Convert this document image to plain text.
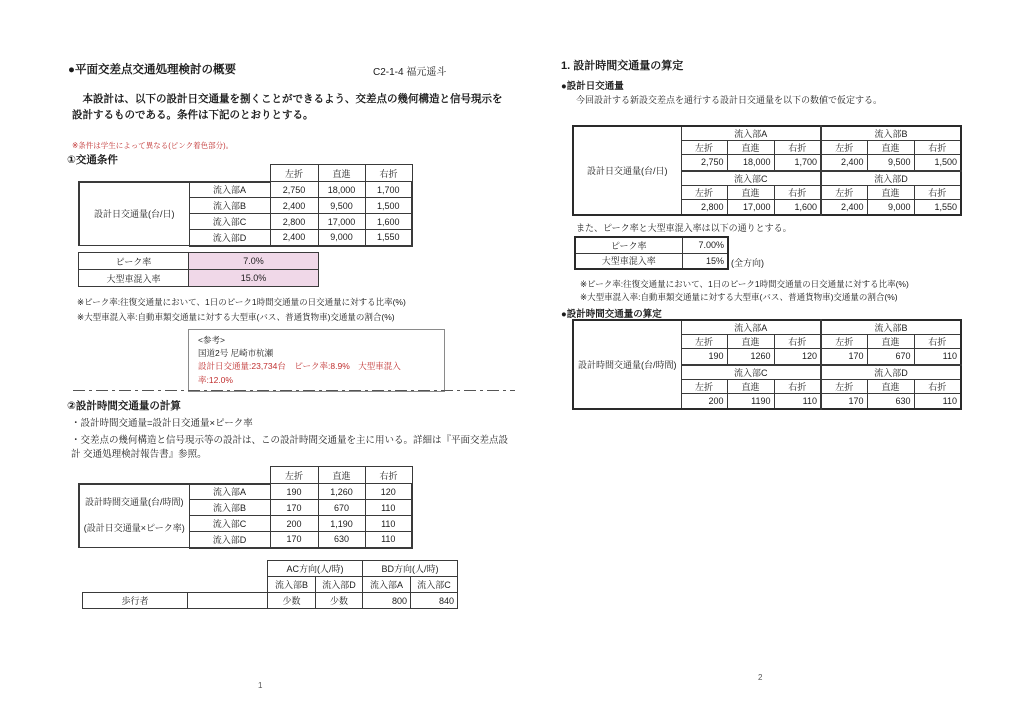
●平面交差点交通処理検討の概要	C2-1-4 福元遥斗
　本設計は、以下の設計日交通量を捌くことができるよう、交差点の幾何構造と信号現示を設計するものである。条件は下記のとおりとする。
※条件は学生によって異なる(ピンク着色部分)。
①交通条件
		左折	直進	右折
設計日交通量(台/日)	流入部A	2,750	18,000	1,700
	流入部B	2,400	9,500	1,500
	流入部C	2,800	17,000	1,600
	流入部D	2,400	9,000	1,550
ピーク率	7.0%
大型車混入率	15.0%
※ピーク率:往復交通量において、1日のピーク1時間交通量の日交通量に対する比率(%)
※大型車混入率:自動車類交通量に対する大型車(バス、普通貨物車)交通量の割合(%)
<参考>
国道2号 尼崎市杭瀬
設計日交通量:23,734台　ピーク率:8.9%　大型車混入率:12.0%
②設計時間交通量の計算
・設計時間交通量=設計日交通量×ピーク率
・交差点の幾何構造と信号現示等の設計は、この設計時間交通量を主に用いる。詳細は『平面交差点設計 交通処理検討報告書』参照。
		左折	直進	右折

設計時間交通量(台/時間)
(設計日交通量×ピーク率)	流入部A	190	1,260	120
	流入部B	170	670	110
	流入部C	200	1,190	110
	流入部D	170	630	110
		AC方向(人/時)		BD方向(人/時)	
		流入部B	流入部D	流入部A	流入部C
歩行者		少数	少数	800	840
1
1. 設計時間交通量の算定
●設計日交通量
今回設計する新設交差点を通行する設計日交通量を以下の数値で仮定する。
設計日交通量(台/日)	流入部A			流入部B		
	左折	直進	右折	左折	直進	右折
	2,750	18,000	1,700	2,400	9,500	1,500
	流入部C			流入部D		
	左折	直進	右折	左折	直進	右折
	2,800	17,000	1,600	2,400	9,000	1,550
また、ピーク率と大型車混入率は以下の通りとする。
ピーク率	7.00%
大型車混入率	15% (全方向)
※ピーク率:往復交通量において、1日のピーク1時間交通量の日交通量に対する比率(%)
※大型車混入率:自動車類交通量に対する大型車(バス、普通貨物車)交通量の割合(%)
●設計時間交通量の算定
設計時間交通量(台/時間)	流入部A			流入部B		
	左折	直進	右折	左折	直進	右折
	190	1260	120	170	670	110
	流入部C			流入部D		
	左折	直進	右折	左折	直進	右折
	200	1190	110	170	630	110
2
